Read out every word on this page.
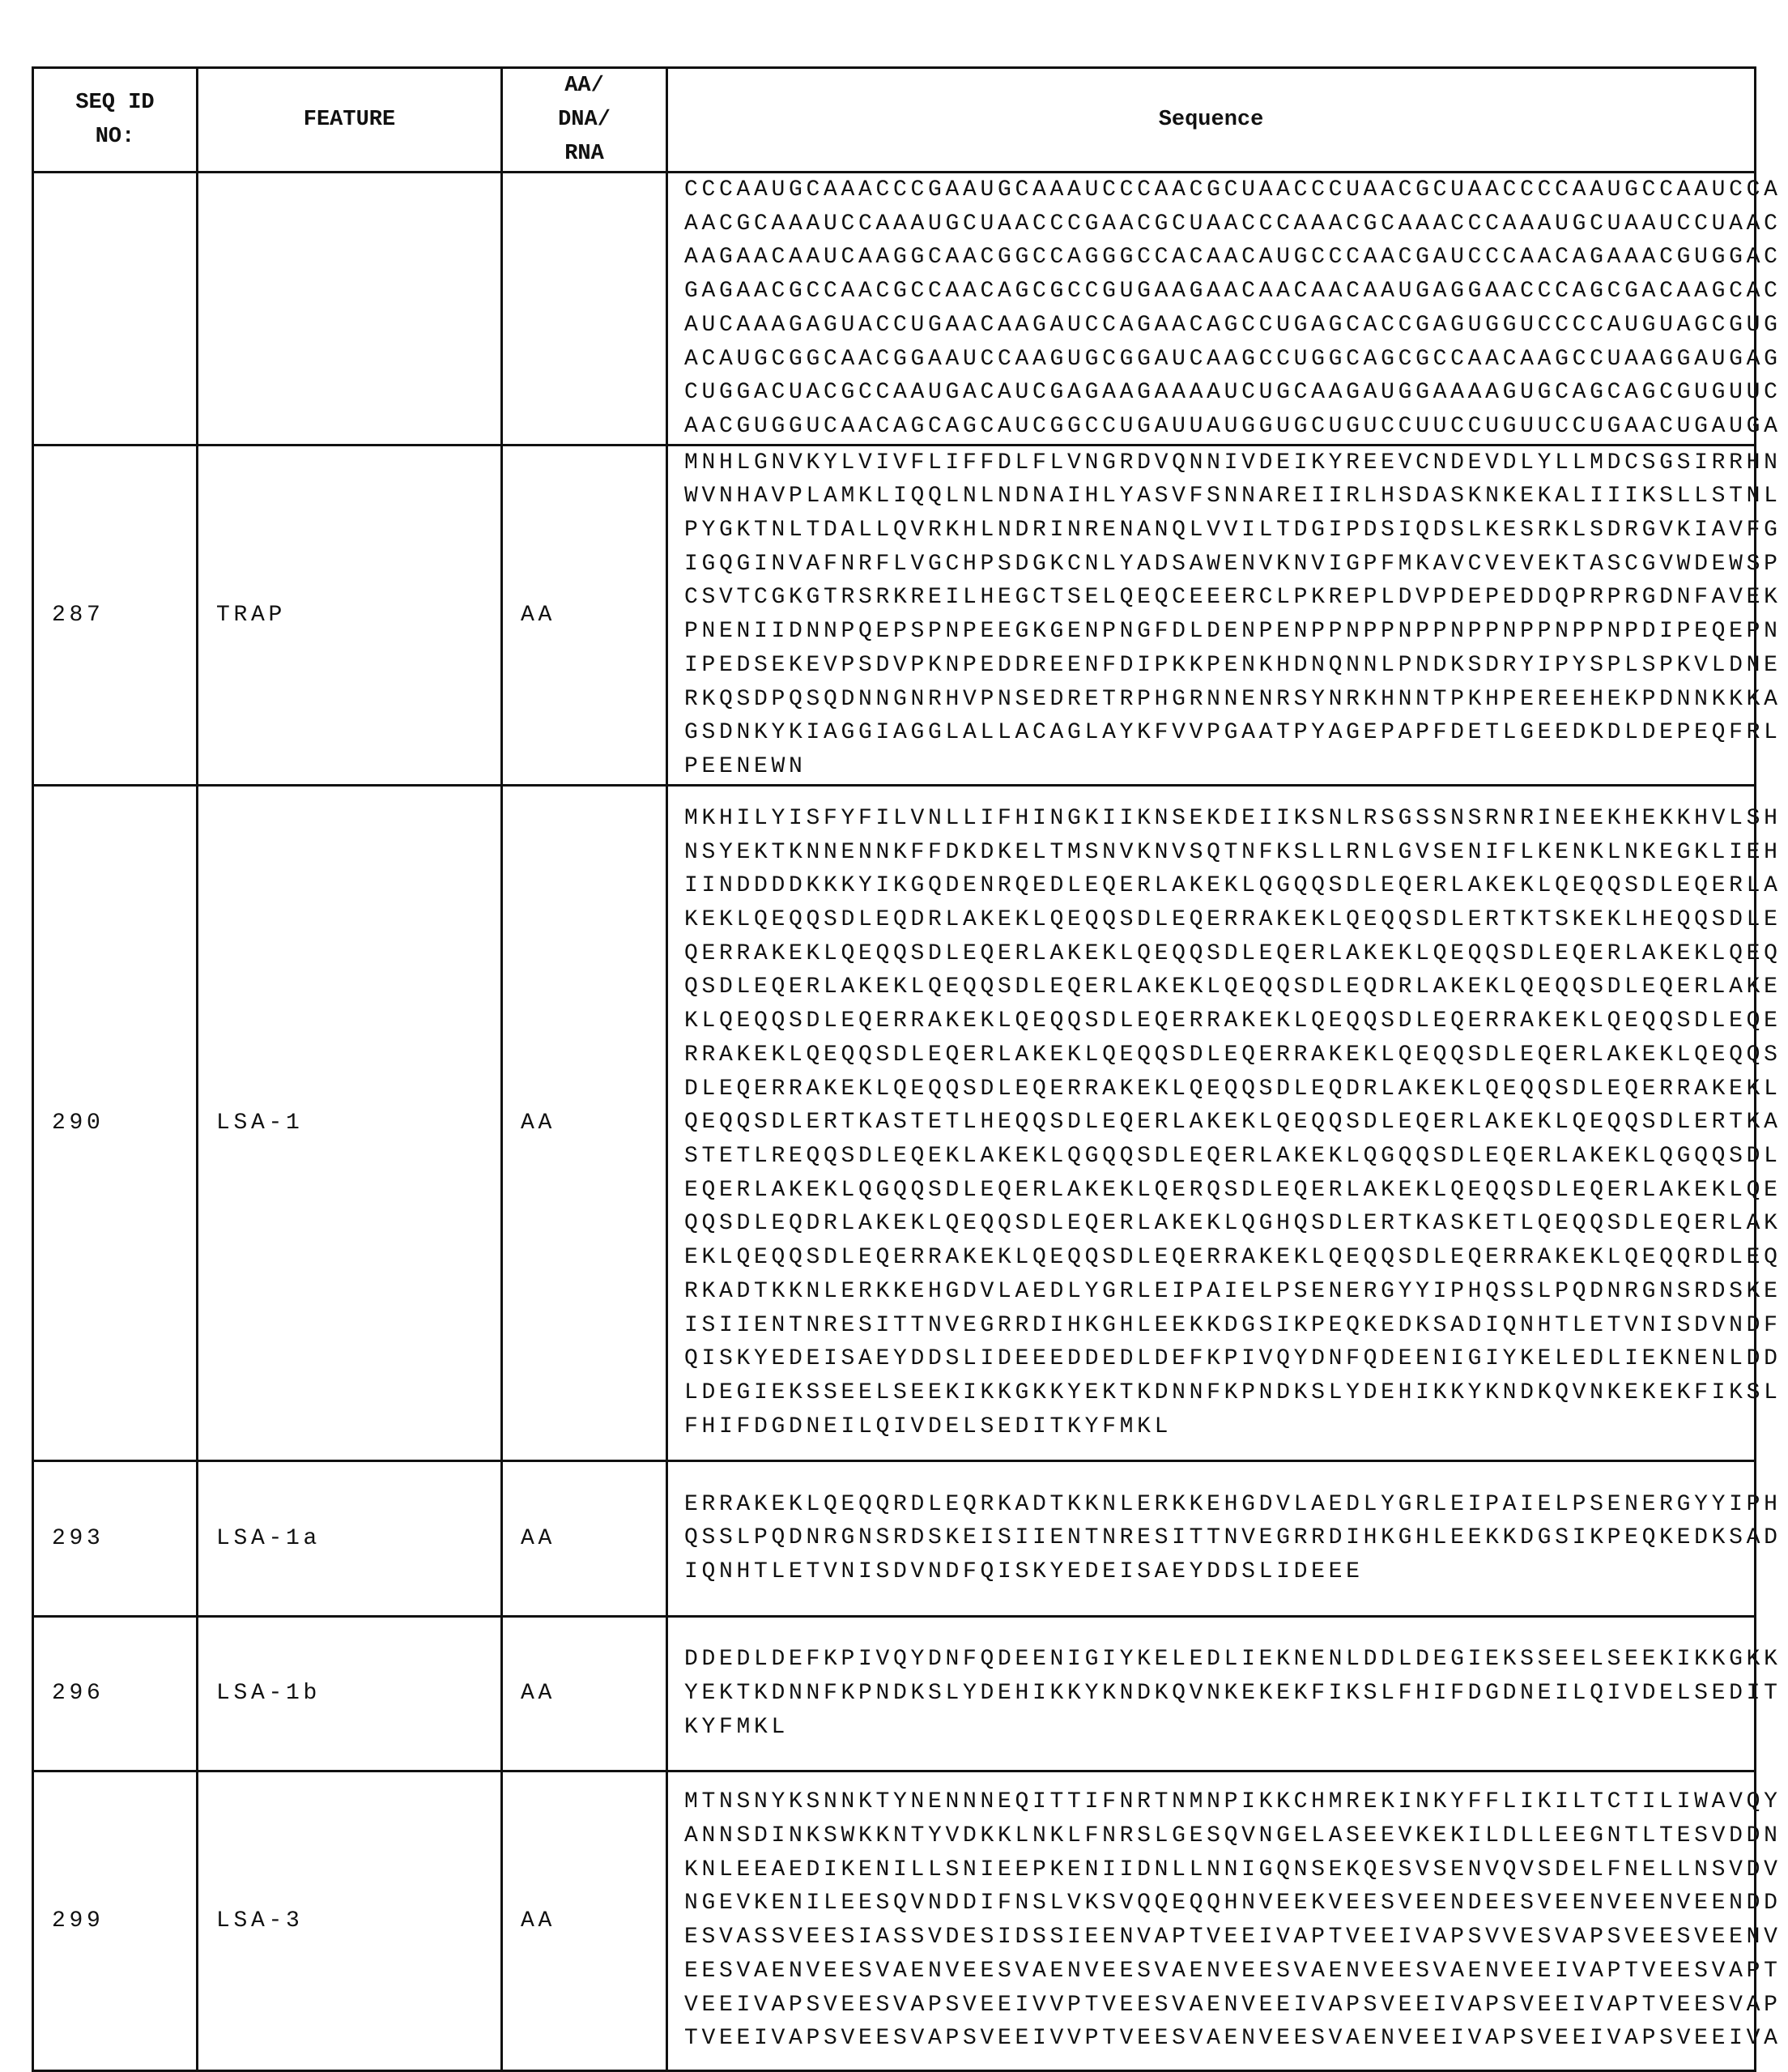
SEQ ID
NO:
	FEATURE	
AA/
DNA/
RNA
	Sequence

CCCAAUGCAAACCCGAAUGCAAAUCCCAACGCUAACCCUAACGCUAACCCCAAUGCCAAUCCA
AACGCAAAUCCAAAUGCUAACCCGAACGCUAACCCAAACGCAAACCCAAAUGCUAAUCCUAAC
AAGAACAAUCAAGGCAACGGCCAGGGCCACAACAUGCCCAACGAUCCCAACAGAAACGUGGAC
GAGAACGCCAACGCCAACAGCGCCGUGAAGAACAACAACAAUGAGGAACCCAGCGACAAGCAC
AUCAAAGAGUACCUGAACAAGAUCCAGAACAGCCUGAGCACCGAGUGGUCCCCAUGUAGCGUG
ACAUGCGGCAACGGAAUCCAAGUGCGGAUCAAGCCUGGCAGCGCCAACAAGCCUAAGGAUGAG
CUGGACUACGCCAAUGACAUCGAGAAGAAAAUCUGCAAGAUGGAAAAGUGCAGCAGCGUGUUC
AACGUGGUCAACAGCAGCAUCGGCCUGAUUAUGGUGCUGUCCUUCCUGUUCCUGAACUGAUGA

287	TRAP	AA	
MNHLGNVKYLVIVFLIFFDLFLVNGRDVQNNIVDEIKYREEVCNDEVDLYLLMDCSGSIRRHN
WVNHAVPLAMKLIQQLNLNDNAIHLYASVFSNNAREIIRLHSDASKNKEKALIIIKSLLSTNL
PYGKTNLTDALLQVRKHLNDRINRENANQLVVILTDGIPDSIQDSLKESRKLSDRGVKIAVFG
IGQGINVAFNRFLVGCHPSDGKCNLYADSAWENVKNVIGPFMKAVCVEVEKTASCGVWDEWSP
CSVTCGKGTRSRKREILHEGCTSELQEQCEEERCLPKREPLDVPDEPEDDQPRPRGDNFAVEK
PNENIIDNNPQEPSPNPEEGKGENPNGFDLDENPENPPNPPNPPNPPNPPNPPNPDIPEQEPN
IPEDSEKEVPSDVPKNPEDDREENFDIPKKPENKHDNQNNLPNDKSDRYIPYSPLSPKVLDNE
RKQSDPQSQDNNGNRHVPNSEDRETRPHGRNNENRSYNRKHNNTPKHPEREEHEKPDNNKKKA
GSDNKYKIAGGIAGGLALLACAGLAYKFVVPGAATPYAGEPAPFDETLGEEDKDLDEPEQFRL
PEENEWN

290	LSA-1	AA	
MKHILYISFYFILVNLLIFHINGKIIKNSEKDEIIKSNLRSGSSNSRNRINEEKHEKKHVLSH
NSYEKTKNNENNKFFDKDKELTMSNVKNVSQTNFKSLLRNLGVSENIFLKENKLNKEGKLIEH
IINDDDDKKKYIKGQDENRQEDLEQERLAKEKLQGQQSDLEQERLAKEKLQEQQSDLEQERLA
KEKLQEQQSDLEQDRLAKEKLQEQQSDLEQERRAKEKLQEQQSDLERTKTSKEKLHEQQSDLE
QERRAKEKLQEQQSDLEQERLAKEKLQEQQSDLEQERLAKEKLQEQQSDLEQERLAKEKLQEQ
QSDLEQERLAKEKLQEQQSDLEQERLAKEKLQEQQSDLEQDRLAKEKLQEQQSDLEQERLAKE
KLQEQQSDLEQERRAKEKLQEQQSDLEQERRAKEKLQEQQSDLEQERRAKEKLQEQQSDLEQE
RRAKEKLQEQQSDLEQERLAKEKLQEQQSDLEQERRAKEKLQEQQSDLEQERLAKEKLQEQQS
DLEQERRAKEKLQEQQSDLEQERRAKEKLQEQQSDLEQDRLAKEKLQEQQSDLEQERRAKEKL
QEQQSDLERTKASTETLHEQQSDLEQERLAKEKLQEQQSDLEQERLAKEKLQEQQSDLERTKA
STETLREQQSDLEQEKLAKEKLQGQQSDLEQERLAKEKLQGQQSDLEQERLAKEKLQGQQSDL
EQERLAKEKLQGQQSDLEQERLAKEKLQERQSDLEQERLAKEKLQEQQSDLEQERLAKEKLQE
QQSDLEQDRLAKEKLQEQQSDLEQERLAKEKLQGHQSDLERTKASKETLQEQQSDLEQERLAK
EKLQEQQSDLEQERRAKEKLQEQQSDLEQERRAKEKLQEQQSDLEQERRAKEKLQEQQRDLEQ
RKADTKKNLERKKEHGDVLAEDLYGRLEIPAIELPSENERGYYIPHQSSLPQDNRGNSRDSKE
ISIIENTNRESITTNVEGRRDIHKGHLEEKKDGSIKPEQKEDKSADIQNHTLETVNISDVNDF
QISKYEDEISAEYDDSLIDEEEDDEDLDEFKPIVQYDNFQDEENIGIYKELEDLIEKNENLDD
LDEGIEKSSEELSEEKIKKGKKYEKTKDNNFKPNDKSLYDEHIKKYKNDKQVNKEKEKFIKSL
FHIFDGDNEILQIVDELSEDITKYFMKL

293	LSA-1a	AA	
ERRAKEKLQEQQRDLEQRKADTKKNLERKKEHGDVLAEDLYGRLEIPAIELPSENERGYYIPH
QSSLPQDNRGNSRDSKEISIIENTNRESITTNVEGRRDIHKGHLEEKKDGSIKPEQKEDKSAD
IQNHTLETVNISDVNDFQISKYEDEISAEYDDSLIDEEE

296	LSA-1b	AA	
DDEDLDEFKPIVQYDNFQDEENIGIYKELEDLIEKNENLDDLDEGIEKSSEELSEEKIKKGKK
YEKTKDNNFKPNDKSLYDEHIKKYKNDKQVNKEKEKFIKSLFHIFDGDNEILQIVDELSEDIT
KYFMKL

299	LSA-3	AA	
MTNSNYKSNNKTYNENNNEQITTIFNRTNMNPIKKCHMREKINKYFFLIKILTCTILIWAVQY
ANNSDINKSWKKNTYVDKKLNKLFNRSLGESQVNGELASEEVKEKILDLLEEGNTLTESVDDN
KNLEEAEDIKENILLSNIEEPKENIIDNLLNNIGQNSEKQESVSENVQVSDELFNELLNSVDV
NGEVKENILEESQVNDDIFNSLVKSVQQEQQHNVEEKVEESVEENDEESVEENVEENVEENDD
ESVASSVEESIASSVDESIDSSIEENVAPTVEEIVAPTVEEIVAPSVVESVAPSVEESVEENV
EESVAENVEESVAENVEESVAENVEESVAENVEESVAENVEESVAENVEEIVAPTVEESVAPT
VEEIVAPSVEESVAPSVEEIVVPTVEESVAENVEEIVAPSVEEIVAPSVEEIVAPTVEESVAP
TVEEIVAPSVEESVAPSVEEIVVPTVEESVAENVEESVAENVEEIVAPSVEEIVAPSVEEIVA
